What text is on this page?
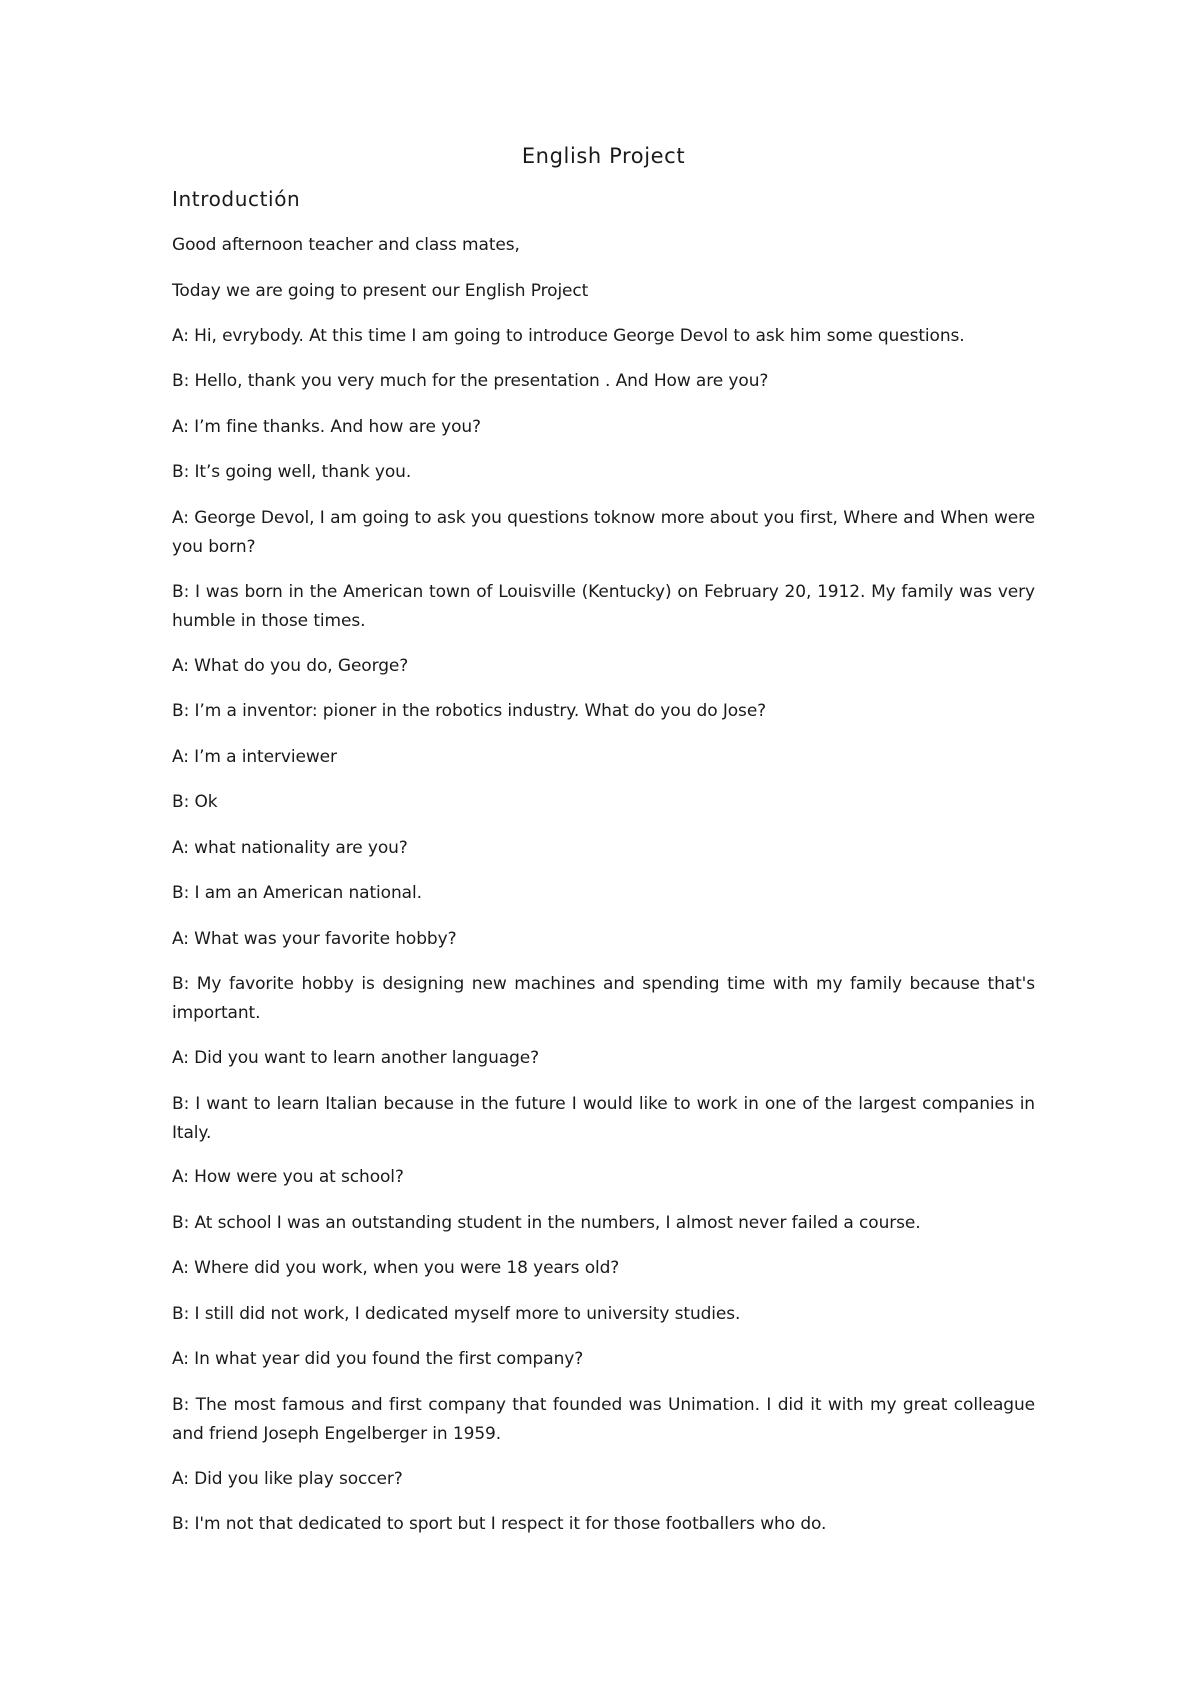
English Project
Introductión

Good afternoon teacher and class mates,

Today we are going to present our English Project

A: Hi, evrybody. At this time I am going to introduce George Devol to ask him some questions.

B: Hello, thank you very much for the presentation . And How are you?

A: I’m fine thanks. And how are you?

B: It’s going well, thank you.

A: George Devol, I am going to ask you questions toknow more about you first, Where and When were you born?

B: I was born in the American town of Louisville (Kentucky) on February 20, 1912. My family was very humble in those times.

A: What do you do, George?

B: I’m a inventor: pioner in the robotics industry. What do you do Jose?

A: I’m a interviewer

B: Ok

A: what nationality are you?

B: I am an American national.

A: What was your favorite hobby?

B: My favorite hobby is designing new machines and spending time with my family because that's important.

A: Did you want to learn another language?

B: I want to learn Italian because in the future I would like to work in one of the largest companies in Italy.

A: How were you at school?

B: At school I was an outstanding student in the numbers, I almost never failed a course.

A: Where did you work, when you were 18 years old?

B: I still did not work, I dedicated myself more to university studies.

A: In what year did you found the first company?

B: The most famous and first company that founded was Unimation. I did it with my great colleague and friend Joseph Engelberger in 1959.

A: Did you like play soccer?

B: I'm not that dedicated to sport but I respect it for those footballers who do.
